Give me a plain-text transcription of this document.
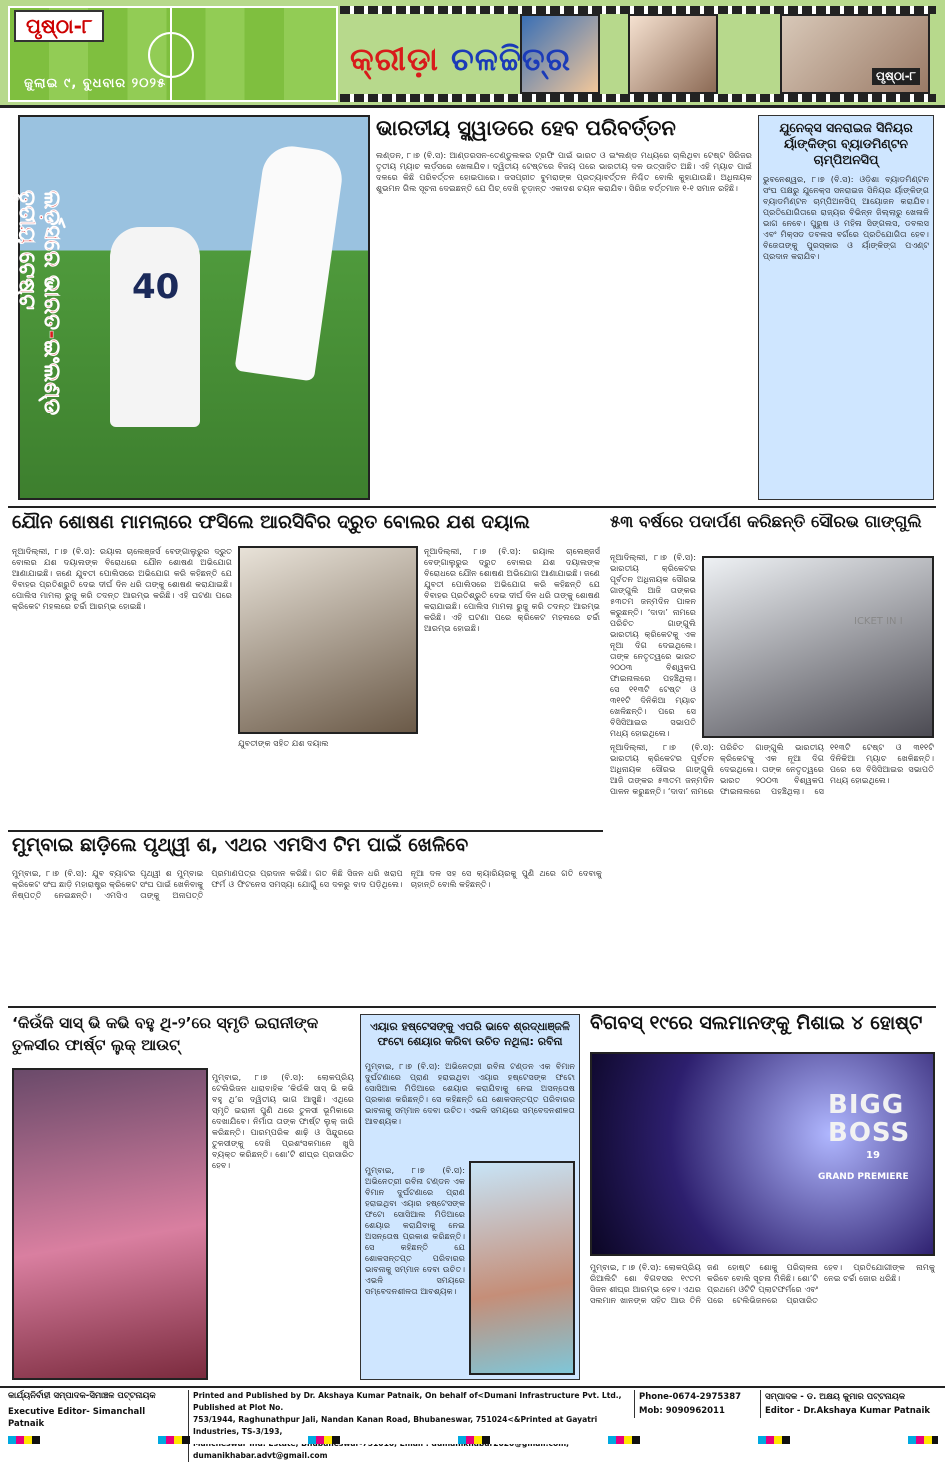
ପୃଷ୍ଠା-୮
ଜୁଲାଇ ୯, ବୁଧବାର ୨୦୨୫	ପୃଷ୍ଠା-୮
କ୍ରୀଡ଼ା ଚଳଚ୍ଚିତ୍ର
40
ଲର୍ଡ଼ସରେ ଭାରତ-ଇଂଲଣ୍ଡ ତୃତୀୟ ଟେଷ୍ଟ
ଭାରତୀୟ ସ୍କ୍ୱାଡରେ ହେବ ପରିବର୍ତ୍ତନ

ଲଣ୍ଡନ, ୮।୭ (ବି.ସ): ଆଣ୍ଡରସନ-ତେଣ୍ଡୁଲକର ଟ୍ରଫି ପାଇଁ ଭାରତ ଓ ଇଂଲଣ୍ଡ ମଧ୍ୟରେ ଚାଲିଥିବା ଟେଷ୍ଟ ସିରିଜର ତୃତୀୟ ମ୍ୟାଚ ଲର୍ଡ଼ସରେ ଖେଳାଯିବ। ଦ୍ୱିତୀୟ ଟେଷ୍ଟରେ ବିଜୟ ପରେ ଭାରତୀୟ ଦଳ ଉତ୍ସାହିତ ଅଛି। ଏହି ମ୍ୟାଚ ପାଇଁ ଦଳରେ କିଛି ପରିବର୍ତ୍ତନ ହୋଇପାରେ। ଜସପ୍ରୀତ ବୁମରାଙ୍କ ପ୍ରତ୍ୟାବର୍ତ୍ତନ ନିଶ୍ଚିତ ବୋଲି କୁହାଯାଉଛି। ଅଧିନାୟକ ଶୁଭମନ ଗିଲ ସୂଚନା ଦେଇଛନ୍ତି ଯେ ପିଚ୍ ଦେଖି ଚୂଡ଼ାନ୍ତ ଏକାଦଶ ଚୟନ କରାଯିବ। ସିରିଜ ବର୍ତ୍ତମାନ ୧-୧ ସମାନ ରହିଛି।

ଯୁନେକ୍ସ ସନରାଇଜ ସିନିୟର ର୍ୟାଙ୍କିଙ୍ଗ ବ୍ୟାଡମିଣ୍ଟନ ଚାମ୍ପିଅନସିପ୍

ଭୁବନେଶ୍ୱର, ୮।୭ (ବି.ସ): ଓଡ଼ିଶା ବ୍ୟାଡମିଣ୍ଟନ ସଂଘ ପକ୍ଷରୁ ଯୁନେକ୍ସ ସନରାଇଜ ସିନିୟର ର୍ୟାଙ୍କିଙ୍ଗ ବ୍ୟାଡମିଣ୍ଟନ ଚାମ୍ପିଅନସିପ୍ ଆୟୋଜନ କରାଯିବ। ପ୍ରତିଯୋଗିତାରେ ରାଜ୍ୟର ବିଭିନ୍ନ ଜିଲ୍ଲାରୁ ଖେଳାଳି ଭାଗ ନେବେ। ପୁରୁଷ ଓ ମହିଳା ସିଙ୍ଗଲସ, ଡବଲସ ଏବଂ ମିକ୍ସଡ ଡବଲସ ବର୍ଗରେ ପ୍ରତିଯୋଗିତା ହେବ। ବିଜେତାଙ୍କୁ ପୁରସ୍କାର ଓ ର୍ୟାଙ୍କିଙ୍ଗ ପଏଣ୍ଟ ପ୍ରଦାନ କରାଯିବ।

ଯୌନ ଶୋଷଣ ମାମଲାରେ ଫସିଲେ ଆରସିବିର ଦ୍ରୁତ ବୋଲର ଯଶ ଦୟାଲ

ନୂଆଦିଲ୍ଲୀ, ୮।୭ (ବି.ସ): ରୟାଲ ଚାଲେଞ୍ଜର୍ସ ବେଙ୍ଗାଲୁରୁର ଦ୍ରୁତ ବୋଲର ଯଶ ଦୟାଲଙ୍କ ବିରୋଧରେ ଯୌନ ଶୋଷଣ ଅଭିଯୋଗ ଆଣାଯାଇଛି। ଜଣେ ଯୁବତୀ ପୋଲିସରେ ଅଭିଯୋଗ କରି କହିଛନ୍ତି ଯେ ବିବାହର ପ୍ରତିଶ୍ରୁତି ଦେଇ ଦୀର୍ଘ ଦିନ ଧରି ତାଙ୍କୁ ଶୋଷଣ କରାଯାଇଛି। ପୋଲିସ ମାମଲା ରୁଜୁ କରି ତଦନ୍ତ ଆରମ୍ଭ କରିଛି। ଏହି ଘଟଣା ପରେ କ୍ରିକେଟ ମହଲରେ ଚର୍ଚ୍ଚା ଆରମ୍ଭ ହୋଇଛି।

ଯୁବତୀଙ୍କ ସହିତ ଯଶ ଦୟାଲ

ନୂଆଦିଲ୍ଲୀ, ୮।୭ (ବି.ସ): ରୟାଲ ଚାଲେଞ୍ଜର୍ସ ବେଙ୍ଗାଲୁରୁର ଦ୍ରୁତ ବୋଲର ଯଶ ଦୟାଲଙ୍କ ବିରୋଧରେ ଯୌନ ଶୋଷଣ ଅଭିଯୋଗ ଆଣାଯାଇଛି। ଜଣେ ଯୁବତୀ ପୋଲିସରେ ଅଭିଯୋଗ କରି କହିଛନ୍ତି ଯେ ବିବାହର ପ୍ରତିଶ୍ରୁତି ଦେଇ ଦୀର୍ଘ ଦିନ ଧରି ତାଙ୍କୁ ଶୋଷଣ କରାଯାଇଛି। ପୋଲିସ ମାମଲା ରୁଜୁ କରି ତଦନ୍ତ ଆରମ୍ଭ କରିଛି। ଏହି ଘଟଣା ପରେ କ୍ରିକେଟ ମହଲରେ ଚର୍ଚ୍ଚା ଆରମ୍ଭ ହୋଇଛି।

୫୩ ବର୍ଷରେ ପଦାର୍ପଣ କରିଛନ୍ତି ସୌରଭ ଗାଙ୍ଗୁଲି

ନୂଆଦିଲ୍ଲୀ, ୮।୭ (ବି.ସ): ଭାରତୀୟ କ୍ରିକେଟର ପୂର୍ବତନ ଅଧିନାୟକ ସୌରଭ ଗାଙ୍ଗୁଲି ଆଜି ତାଙ୍କର ୫୩ତମ ଜନ୍ମଦିନ ପାଳନ କରୁଛନ୍ତି। ‘ଦାଦା’ ନାମରେ ପରିଚିତ ଗାଙ୍ଗୁଲି ଭାରତୀୟ କ୍ରିକେଟକୁ ଏକ ନୂଆ ଦିଗ ଦେଇଥିଲେ। ତାଙ୍କ ନେତୃତ୍ୱରେ ଭାରତ ୨୦୦୩ ବିଶ୍ୱକପ ଫାଇନାଲରେ ପହଞ୍ଚିଥିଲା। ସେ ୧୧୩ଟି ଟେଷ୍ଟ ଓ ୩୧୧ଟି ଦିନିକିଆ ମ୍ୟାଚ ଖେଳିଛନ୍ତି। ପରେ ସେ ବିସିସିଆଇର ସଭାପତି ମଧ୍ୟ ହୋଇଥିଲେ।

ICKET IN I

ନୂଆଦିଲ୍ଲୀ, ୮।୭ (ବି.ସ): ଭାରତୀୟ କ୍ରିକେଟର ପୂର୍ବତନ ଅଧିନାୟକ ସୌରଭ ଗାଙ୍ଗୁଲି ଆଜି ତାଙ୍କର ୫୩ତମ ଜନ୍ମଦିନ ପାଳନ କରୁଛନ୍ତି। ‘ଦାଦା’ ନାମରେ ପରିଚିତ ଗାଙ୍ଗୁଲି ଭାରତୀୟ କ୍ରିକେଟକୁ ଏକ ନୂଆ ଦିଗ ଦେଇଥିଲେ। ତାଙ୍କ ନେତୃତ୍ୱରେ ଭାରତ ୨୦୦୩ ବିଶ୍ୱକପ ଫାଇନାଲରେ ପହଞ୍ଚିଥିଲା। ସେ ୧୧୩ଟି ଟେଷ୍ଟ ଓ ୩୧୧ଟି ଦିନିକିଆ ମ୍ୟାଚ ଖେଳିଛନ୍ତି। ପରେ ସେ ବିସିସିଆଇର ସଭାପତି ମଧ୍ୟ ହୋଇଥିଲେ।

ମୁମ୍ବାଇ ଛାଡ଼ିଲେ ପୃଥ୍ୱୀ ଶ, ଏଥର ଏମସିଏ ଟିମ ପାଇଁ ଖେଳିବେ

ମୁମ୍ବାଇ, ୮।୭ (ବି.ସ): ଯୁବ ବ୍ୟାଟର ପୃଥ୍ୱୀ ଶ ମୁମ୍ବାଇ କ୍ରିକେଟ ସଂଘ ଛାଡ଼ି ମହାରାଷ୍ଟ୍ର କ୍ରିକେଟ ସଂଘ ପାଇଁ ଖେଳିବାକୁ ନିଷ୍ପତ୍ତି ନେଇଛନ୍ତି। ଏମସିଏ ତାଙ୍କୁ ଅନାପତ୍ତି ପ୍ରମାଣପତ୍ର ପ୍ରଦାନ କରିଛି। ଗତ କିଛି ସିଜନ ଧରି ଖରାପ ଫର୍ମ ଓ ଫିଟନେସ ସମସ୍ୟା ଯୋଗୁଁ ସେ ଦଳରୁ ବାଦ ପଡ଼ିଥିଲେ। ନୂଆ ଦଳ ସହ ସେ କ୍ୟାରିୟରକୁ ପୁଣି ଥରେ ଗତି ଦେବାକୁ ଚାହାନ୍ତି ବୋଲି କହିଛନ୍ତି।

‘କିଉଁକି ସାସ୍ ଭି କଭି ବହୁ ଥି-୨’ରେ ସ୍ମୃତି ଇରାନୀଙ୍କ ତୁଳସୀର ଫାର୍ଷ୍ଟ ଲୁକ୍ ଆଉଟ୍

ମୁମ୍ବାଇ, ୮।୭ (ବି.ସ): ଲୋକପ୍ରିୟ ଟେଲିଭିଜନ ଧାରାବାହିକ ‘କିଉଁକି ସାସ୍ ଭି କଭି ବହୁ ଥି’ର ଦ୍ୱିତୀୟ ଭାଗ ଆସୁଛି। ଏଥିରେ ସ୍ମୃତି ଇରାନୀ ପୁଣି ଥରେ ତୁଳସୀ ଭୂମିକାରେ ଦେଖାଯିବେ। ନିର୍ମାତା ତାଙ୍କ ଫାର୍ଷ୍ଟ ଲୁକ୍ ଜାରି କରିଛନ୍ତି। ପାରମ୍ପରିକ ଶାଢ଼ି ଓ ସିନ୍ଦୁରରେ ତୁଳସୀଙ୍କୁ ଦେଖି ପ୍ରଶଂସକମାନେ ଖୁସି ବ୍ୟକ୍ତ କରିଛନ୍ତି। ଶୋ’ଟି ଶୀଘ୍ର ପ୍ରସାରିତ ହେବ।

ଏୟାର ହଷ୍ଟେସଙ୍କୁ ଏପରି ଭାବେ ଶ୍ରଦ୍ଧାଞ୍ଜଳି ଫଟୋ ଶେୟାର କରିବା ଉଚିତ ନଥିଲା: ରବିନା

ମୁମ୍ବାଇ, ୮।୭ (ବି.ସ): ଅଭିନେତ୍ରୀ ରବିନା ଟଣ୍ଡନ ଏକ ବିମାନ ଦୁର୍ଘଟଣାରେ ପ୍ରାଣ ହରାଇଥିବା ଏୟାର ହଷ୍ଟେସଙ୍କ ଫଟୋ ସୋସିଆଲ ମିଡିଆରେ ଶେୟାର କରାଯିବାକୁ ନେଇ ଅସନ୍ତୋଷ ପ୍ରକାଶ କରିଛନ୍ତି। ସେ କହିଛନ୍ତି ଯେ ଶୋକସନ୍ତପ୍ତ ପରିବାରର ଭାବନାକୁ ସମ୍ମାନ ଦେବା ଉଚିତ। ଏଭଳି ସମୟରେ ସମ୍ବେଦନଶୀଳତା ଆବଶ୍ୟକ।

ମୁମ୍ବାଇ, ୮।୭ (ବି.ସ): ଅଭିନେତ୍ରୀ ରବିନା ଟଣ୍ଡନ ଏକ ବିମାନ ଦୁର୍ଘଟଣାରେ ପ୍ରାଣ ହରାଇଥିବା ଏୟାର ହଷ୍ଟେସଙ୍କ ଫଟୋ ସୋସିଆଲ ମିଡିଆରେ ଶେୟାର କରାଯିବାକୁ ନେଇ ଅସନ୍ତୋଷ ପ୍ରକାଶ କରିଛନ୍ତି। ସେ କହିଛନ୍ତି ଯେ ଶୋକସନ୍ତପ୍ତ ପରିବାରର ଭାବନାକୁ ସମ୍ମାନ ଦେବା ଉଚିତ। ଏଭଳି ସମୟରେ ସମ୍ବେଦନଶୀଳତା ଆବଶ୍ୟକ।

ବିଗବସ୍ ୧୯ରେ ସଲମାନଙ୍କୁ ମିଶାଇ ୪ ହୋଷ୍ଟ
BIGG
BOSS
19
GRAND PREMIERE

ମୁମ୍ବାଇ, ୮।୭ (ବି.ସ): ଲୋକପ୍ରିୟ ରିଆଲିଟି ଶୋ ବିଗବସର ୧୯ତମ ସିଜନ ଶୀଘ୍ର ଆରମ୍ଭ ହେବ। ଏଥର ସଲମାନ ଖାନଙ୍କ ସହିତ ଆଉ ତିନି ଜଣ ହୋଷ୍ଟ ଶୋକୁ ପରିଚାଳନା କରିବେ ବୋଲି ସୂଚନା ମିଳିଛି। ଶୋ’ଟି ପ୍ରଥମେ ଓଟିଟି ପ୍ଲାଟଫର୍ମରେ ଏବଂ ପରେ ଟେଲିଭିଜନରେ ପ୍ରସାରିତ ହେବ। ପ୍ରତିଯୋଗୀଙ୍କ ନାମକୁ ନେଇ ଚର୍ଚ୍ଚା ଜୋର ଧରିଛି।

କାର୍ଯ୍ୟନିର୍ବାହୀ ସମ୍ପାଦକ-ସିମାଞ୍ଚଳ ପଟ୍ଟନାୟକ
Executive Editor- Simanchall Patnaik
Printed and Published by Dr. Akshaya Kumar Patnaik, On behalf of<Dumani Infrastructure Pvt. Ltd., Published at Plot No.
753/1944, Raghunathpur Jali, Nandan Kanan Road, Bhubaneswar, 751024<&Printed at Gayatri Industries, TS-3/193,
dumanikhabar.advt@gmail.com
Phone-0674-2975387
Mob: 9090962011
ସମ୍ପାଦକ - ଡ. ଅକ୍ଷୟ କୁମାର ପଟ୍ଟନାୟକ
Editor - Dr.Akshaya Kumar Patnaik
